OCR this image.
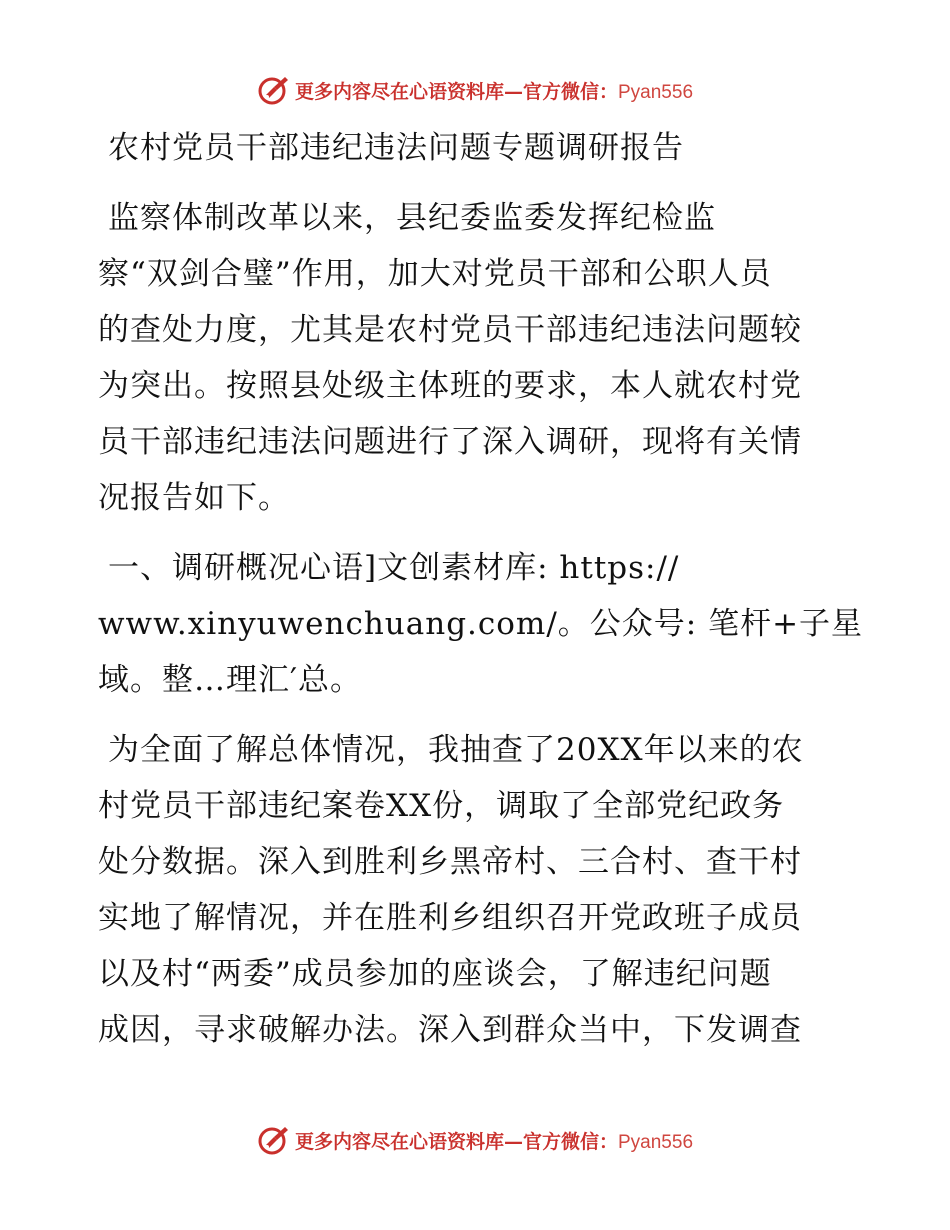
更多内容尽在心语资料库—官方微信：Pyan556
农村党员干部违纪违法问题专题调研报告
监察体制改革以来，县纪委监委发挥纪检监
察“双剑合璧”作用，加大对党员干部和公职人员
的查处力度，尤其是农村党员干部违纪违法问题较
为突出。按照县处级主体班的要求，本人就农村党
员干部违纪违法问题进行了深入调研，现将有关情
况报告如下。
一、调研概况心语]文创素材库: https://
www.xinyuwenchuang.com/。公众号: 笔杆+子星
域。整…理汇′总。
为全面了解总体情况，我抽查了20XX年以来的农
村党员干部违纪案卷XX份，调取了全部党纪政务
处分数据。深入到胜利乡黑帝村、三合村、查干村
实地了解情况，并在胜利乡组织召开党政班子成员
以及村“两委”成员参加的座谈会，了解违纪问题
成因，寻求破解办法。深入到群众当中，下发调查
更多内容尽在心语资料库—官方微信：Pyan556
